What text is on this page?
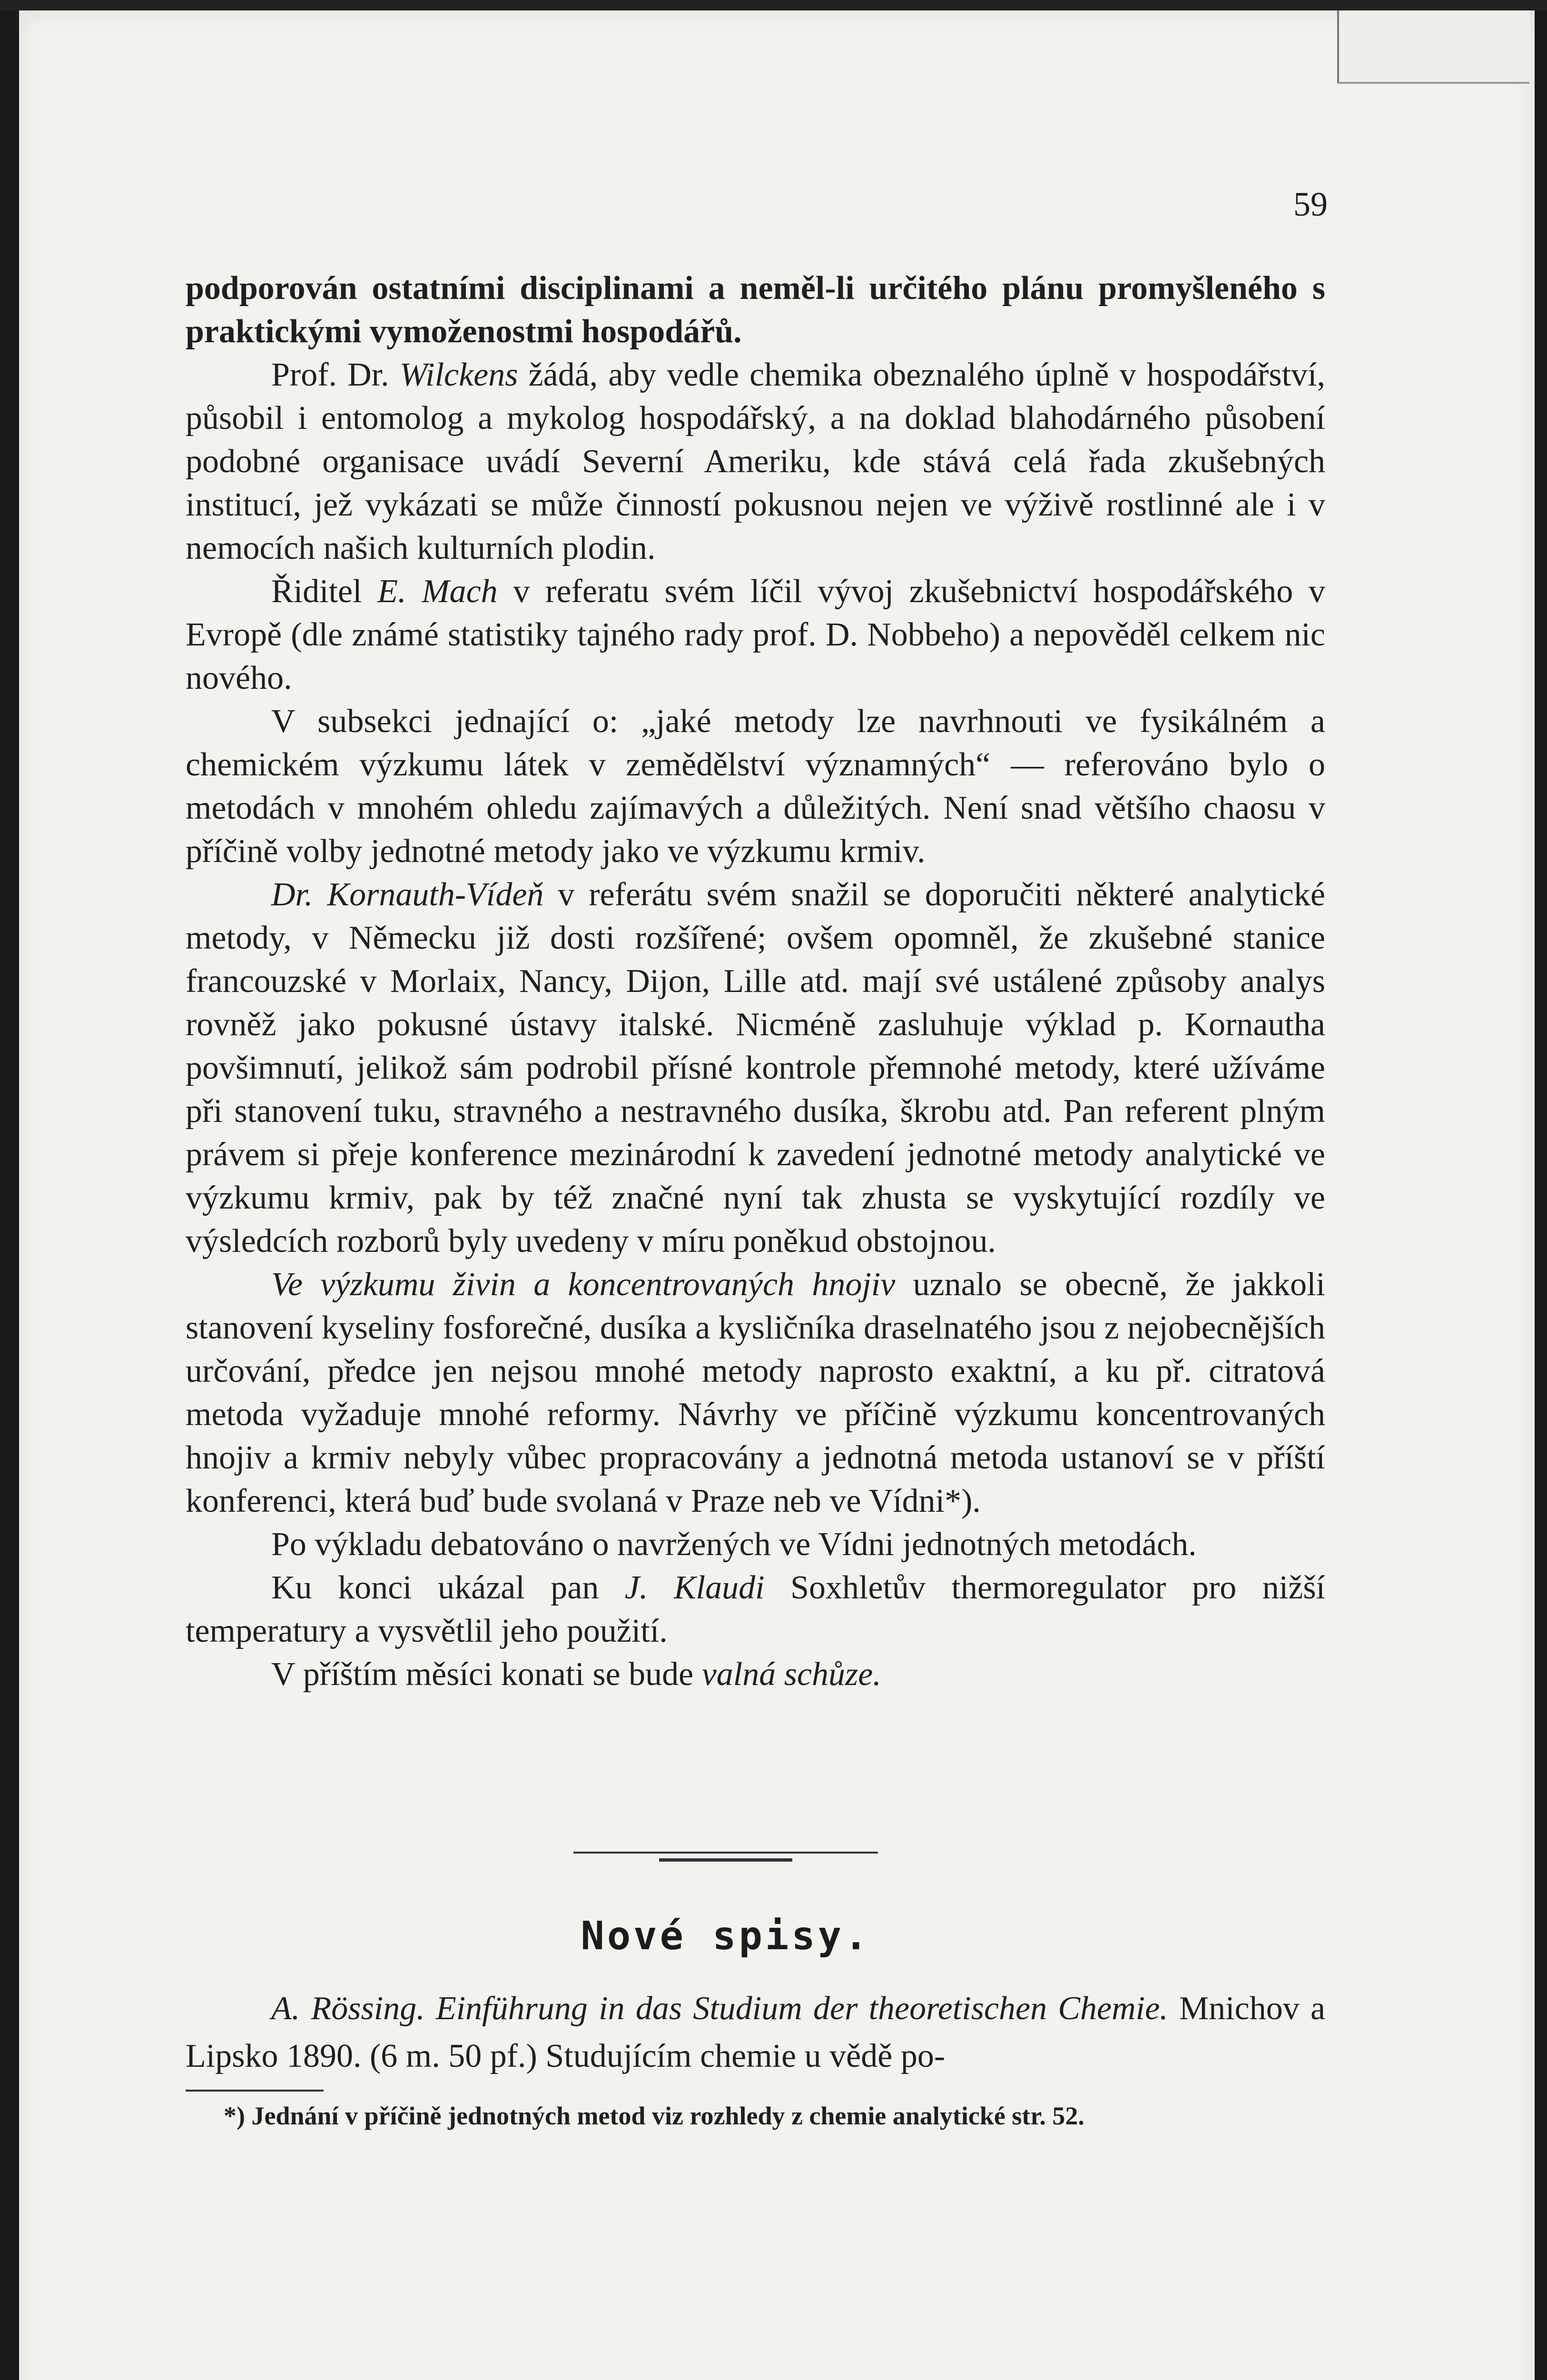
59

podporován ostatními disciplinami a neměl-li určitého plánu promyšleného s praktickými vymoženostmi hospodářů.

Prof. Dr. Wilckens žádá, aby vedle chemika obeznalého úplně v hospodářství, působil i entomolog a mykolog hospodářský, a na doklad blahodárného působení podobné organisace uvádí Severní Ameriku, kde stává celá řada zkušebných institucí, jež vykázati se může činností pokusnou nejen ve výživě rostlinné ale i v nemocích našich kulturních plodin.

Řiditel E. Mach v referatu svém líčil vývoj zkušebnictví hospodářského v Evropě (dle známé statistiky tajného rady prof. D. Nobbeho) a nepověděl celkem nic nového.

V subsekci jednající o: „jaké metody lze navrhnouti ve fysikálném a chemickém výzkumu látek v zemědělství významných“ — referováno bylo o metodách v mnohém ohledu zajímavých a důležitých. Není snad většího chaosu v příčině volby jednotné metody jako ve výzkumu krmiv.

Dr. Kornauth-Vídeň v referátu svém snažil se doporučiti některé analytické metody, v Německu již dosti rozšířené; ovšem opomněl, že zkušebné stanice francouzské v Morlaix, Nancy, Dijon, Lille atd. mají své ustálené způsoby analys rovněž jako pokusné ústavy italské. Nicméně zasluhuje výklad p. Kornautha povšimnutí, jelikož sám podrobil přísné kontrole přemnohé metody, které užíváme při stanovení tuku, stravného a nestravného dusíka, škrobu atd. Pan referent plným právem si přeje konference mezinárodní k zavedení jednotné metody analytické ve výzkumu krmiv, pak by též značné nyní tak zhusta se vyskytující rozdíly ve výsledcích rozborů byly uvedeny v míru poněkud obstojnou.

Ve výzkumu živin a koncentrovaných hnojiv uznalo se obecně, že jakkoli stanovení kyseliny fosforečné, dusíka a kysličníka draselnatého jsou z nejobecnějších určování, předce jen nejsou mnohé metody naprosto exaktní, a ku př. citratová metoda vyžaduje mnohé reformy. Návrhy ve příčině výzkumu koncentrovaných hnojiv a krmiv nebyly vůbec propracovány a jednotná metoda ustanoví se v příští konferenci, která buď bude svolaná v Praze neb ve Vídni*).

Po výkladu debatováno o navržených ve Vídni jednotných metodách.

Ku konci ukázal pan J. Klaudi Soxhletův thermoregulator pro nižší temperatury a vysvětlil jeho použití.

V příštím měsíci konati se bude valná schůze.

Nové spisy.

A. Rössing. Einführung in das Studium der theoretischen Chemie. Mnichov a Lipsko 1890. (6 m. 50 pf.) Studujícím chemie u vědě po-

*) Jednání v příčině jednotných metod viz rozhledy z chemie analytické str. 52.
